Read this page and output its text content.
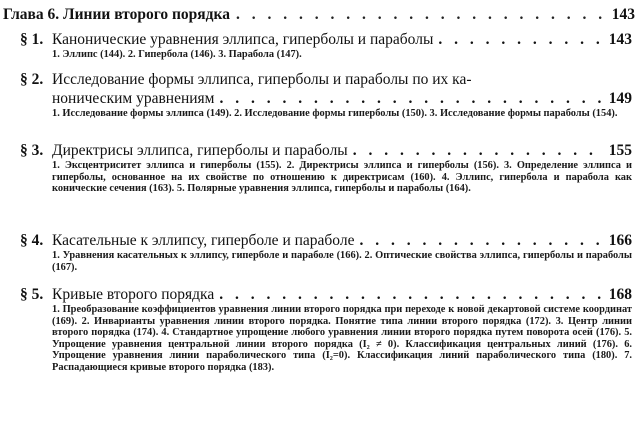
Глава 6. Линии второго порядка . . .	143
§ 1. Канонические уравнения эллипса, гиперболы и параболы . . .	143
1. Эллипс (144). 2. Гипербола (146). 3. Парабола (147).
§ 2. Исследование формы эллипса, гиперболы и параболы по их ка-
ноническим уравнениям . . .	149
1. Исследование формы эллипса (149). 2. Исследование формы гиперболы (150). 3. Исследование формы параболы (154).
§ 3. Директрисы эллипса, гиперболы и параболы . . .	155
1. Эксцентриситет эллипса и гиперболы (155). 2. Директрисы эллипса и гиперболы (156). 3. Определение эллипса и гиперболы, основанное на их свойстве по отношению к директрисам (160). 4. Эллипс, гипербола и парабола как конические сечения (163). 5. Полярные уравнения эллипса, гиперболы и параболы (164).
§ 4. Касательные к эллипсу, гиперболе и параболе . . .	166
1. Уравнения касательных к эллипсу, гиперболе и параболе (166). 2. Оптические свойства эллипса, гиперболы и параболы (167).
§ 5. Кривые второго порядка . . .	168
1. Преобразование коэффициентов уравнения линии второго порядка при переходе к новой декартовой системе координат (169). 2. Инварианты уравнения линии второго порядка. Понятие типа линии второго порядка (172). 3. Центр линии второго порядка (174). 4. Стандартное упрощение любого уравнения линии второго порядка путем поворота осей (176). 5. Упрощение уравнения центральной линии второго порядка (I₂ ≠ 0). Классификация центральных линий (176). 6. Упрощение уравнения линии параболического типа (I₂=0). Классификация линий параболического типа (180). 7. Распадающиеся кривые второго порядка (183).
